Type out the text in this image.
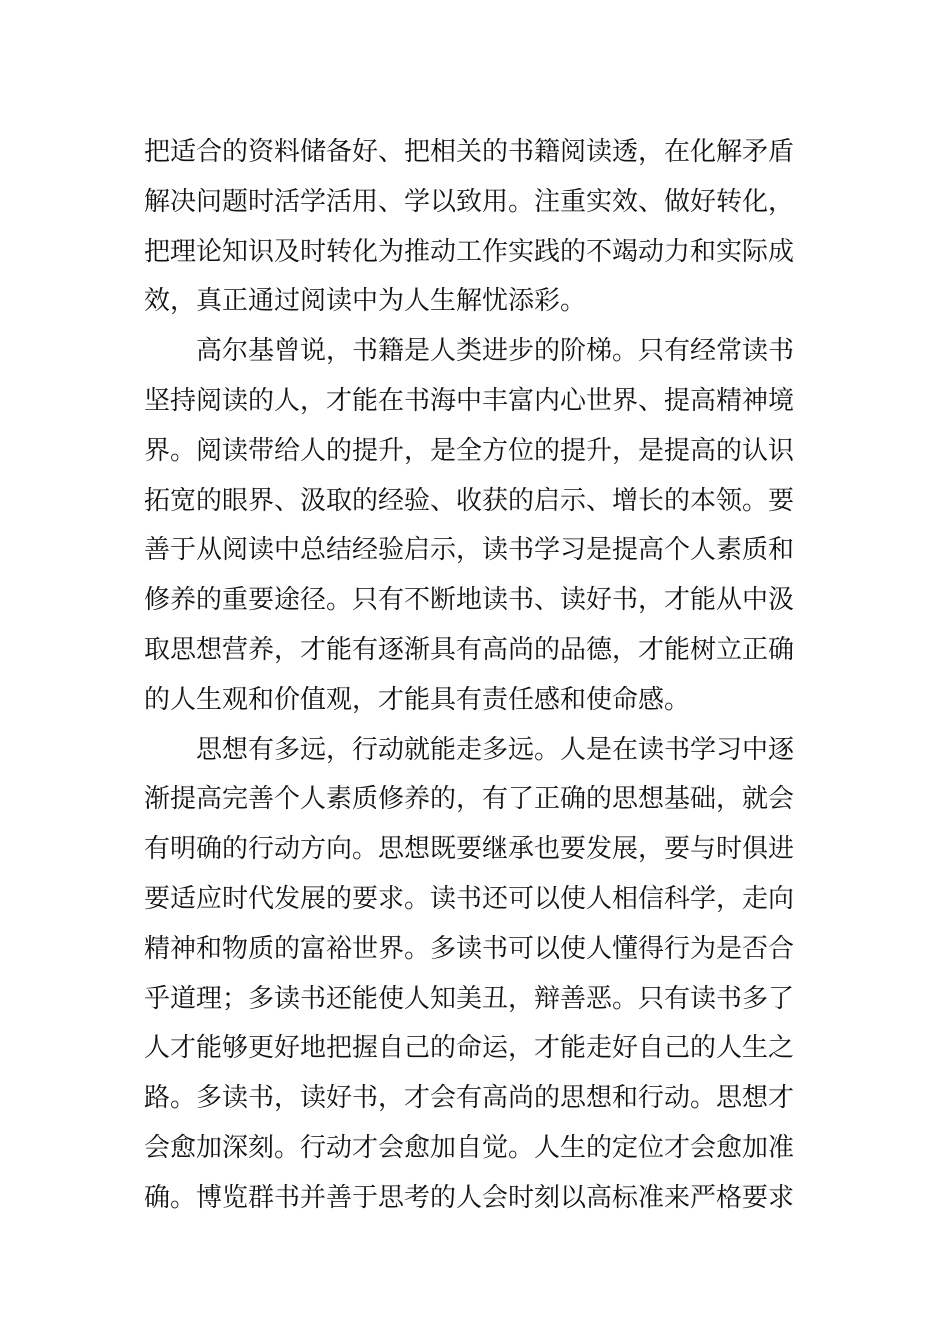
把适合的资料储备好、把相关的书籍阅读透，在化解矛盾
解决问题时活学活用、学以致用。注重实效、做好转化，
把理论知识及时转化为推动工作实践的不竭动力和实际成
效，真正通过阅读中为人生解忧添彩。
高尔基曾说，书籍是人类进步的阶梯。只有经常读书
坚持阅读的人，才能在书海中丰富内心世界、提高精神境
界。阅读带给人的提升，是全方位的提升，是提高的认识
拓宽的眼界、汲取的经验、收获的启示、增长的本领。要
善于从阅读中总结经验启示，读书学习是提高个人素质和
修养的重要途径。只有不断地读书、读好书，才能从中汲
取思想营养，才能有逐渐具有高尚的品德，才能树立正确
的人生观和价值观，才能具有责任感和使命感。
思想有多远，行动就能走多远。人是在读书学习中逐
渐提高完善个人素质修养的，有了正确的思想基础，就会
有明确的行动方向。思想既要继承也要发展，要与时俱进
要适应时代发展的要求。读书还可以使人相信科学，走向
精神和物质的富裕世界。多读书可以使人懂得行为是否合
乎道理；多读书还能使人知美丑，辩善恶。只有读书多了
人才能够更好地把握自己的命运，才能走好自己的人生之
路。多读书，读好书，才会有高尚的思想和行动。思想才
会愈加深刻。行动才会愈加自觉。人生的定位才会愈加准
确。博览群书并善于思考的人会时刻以高标准来严格要求
